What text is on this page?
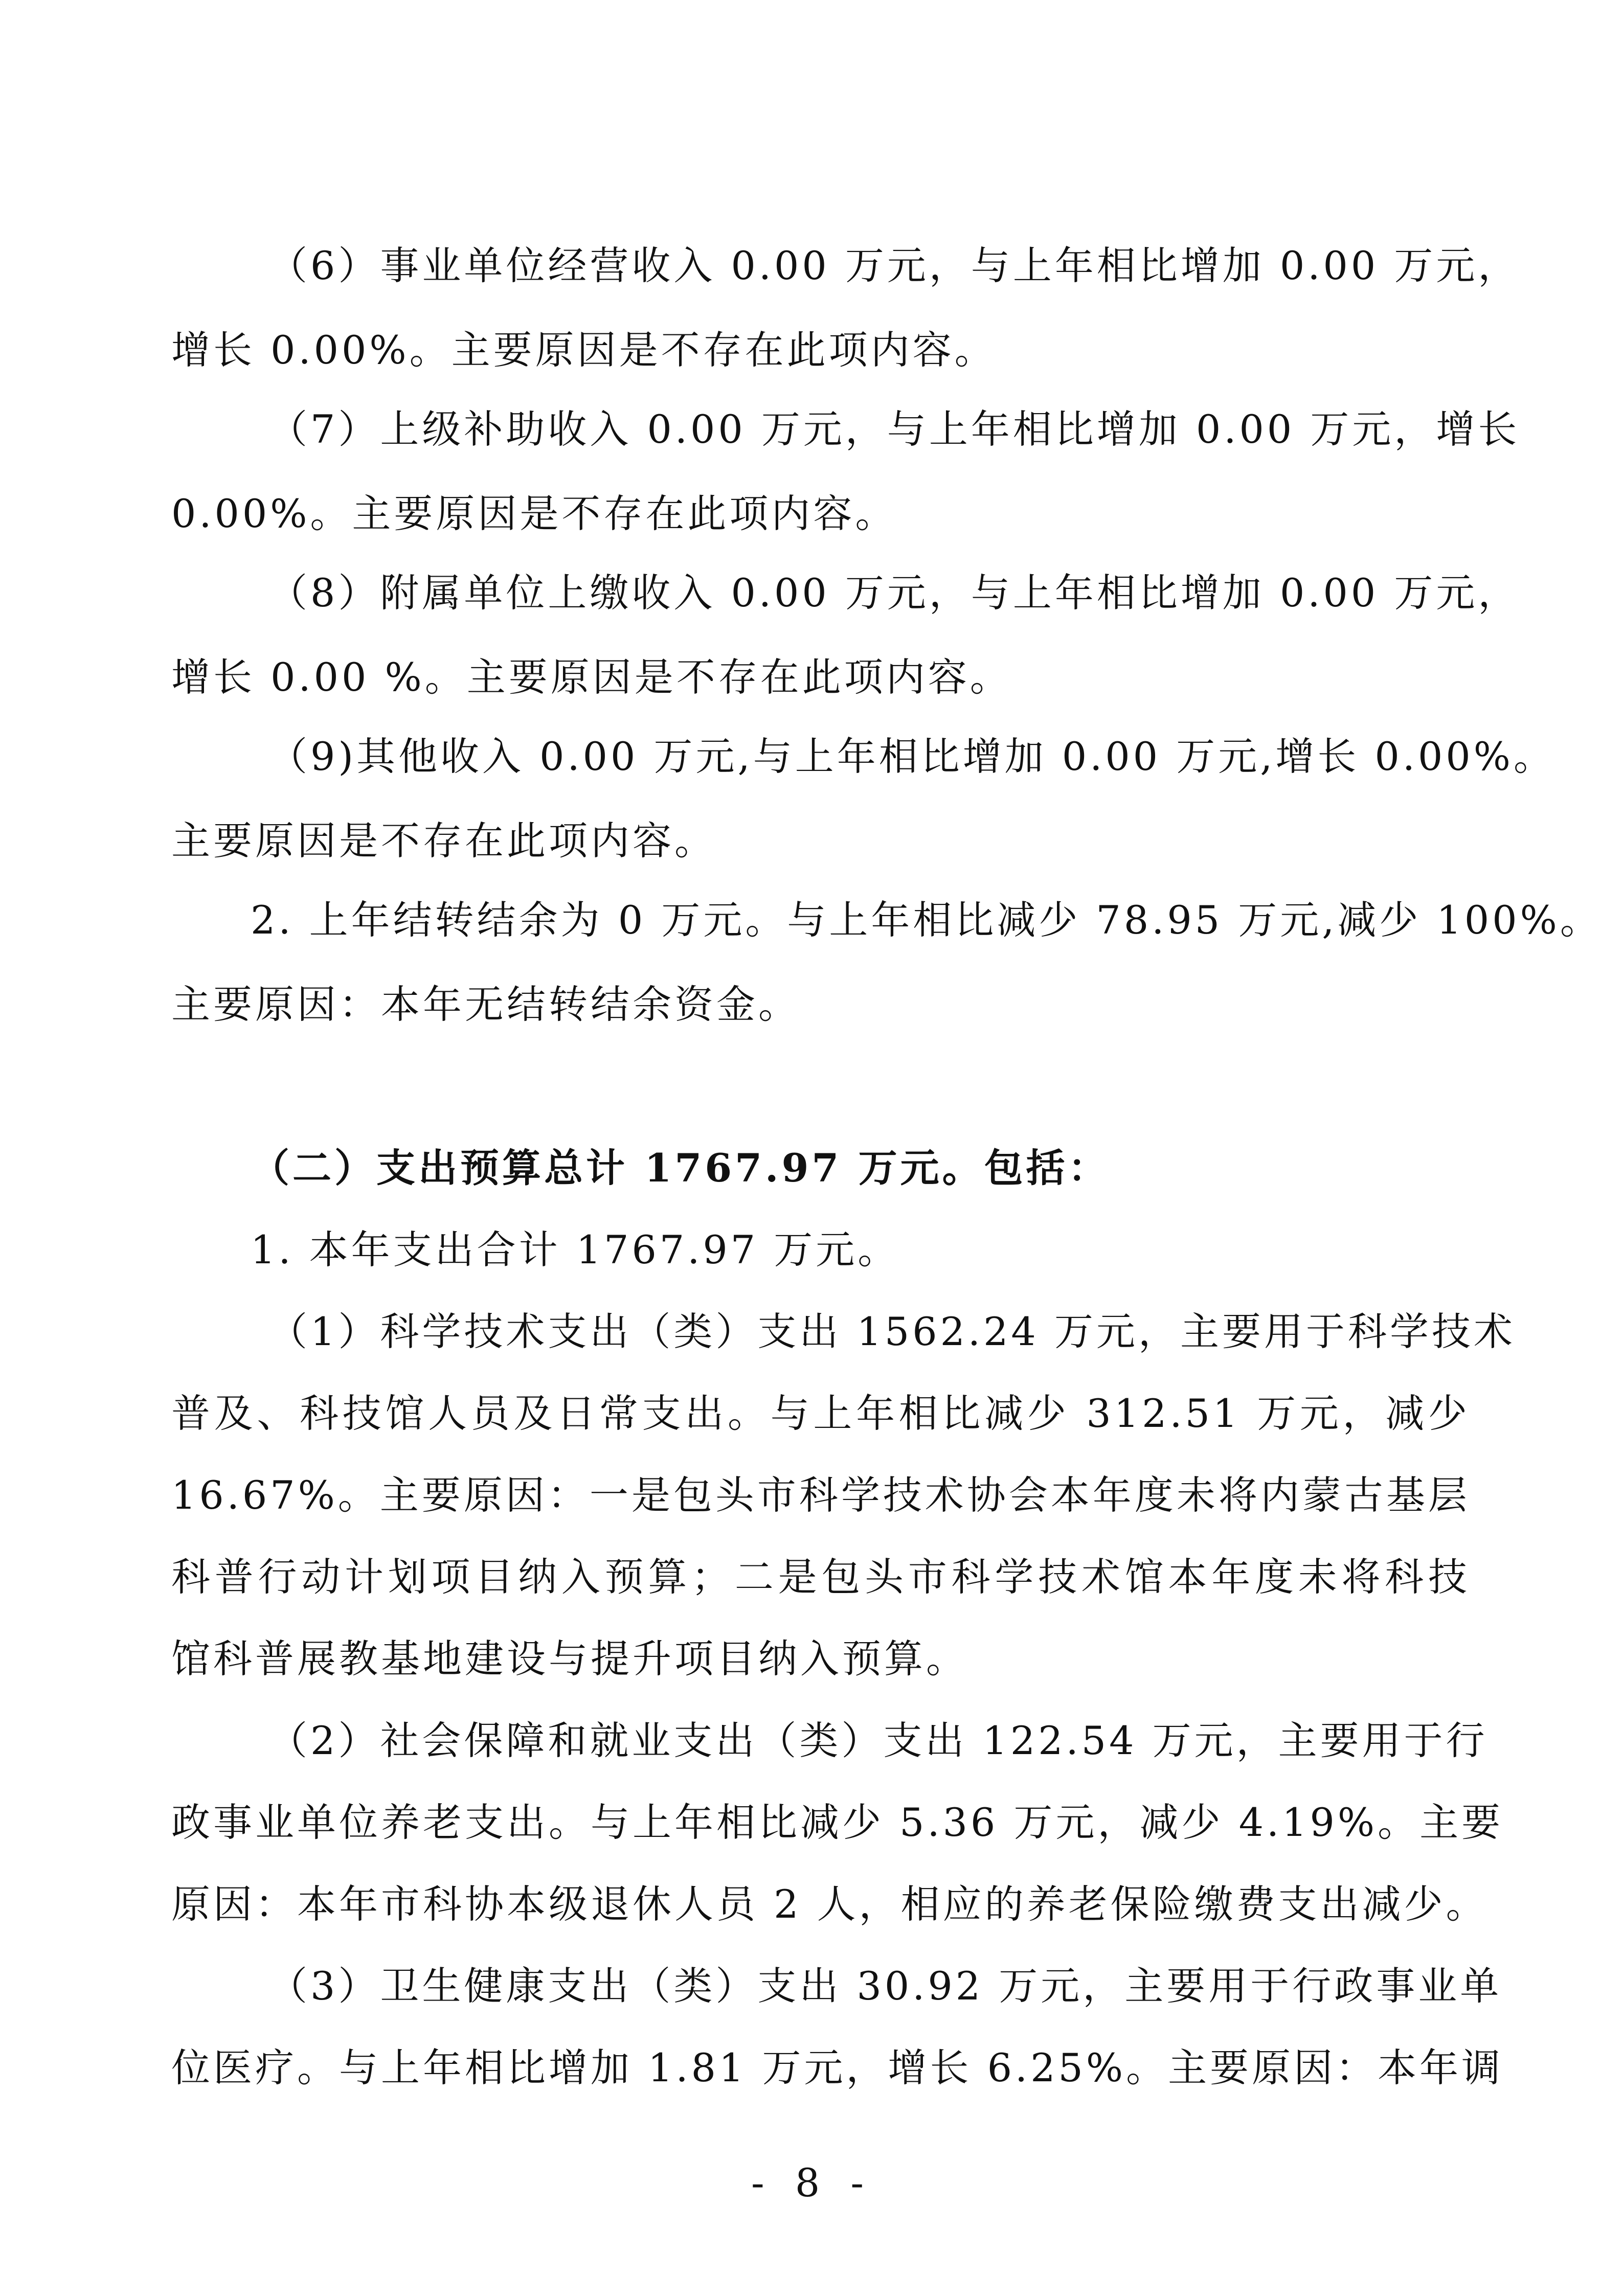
（6）事业单位经营收入 0.00 万元，与上年相比增加 0.00 万元，
增长 0.00%。主要原因是不存在此项内容。
（7）上级补助收入 0.00 万元，与上年相比增加 0.00 万元，增长
0.00%。主要原因是不存在此项内容。
（8）附属单位上缴收入 0.00 万元，与上年相比增加 0.00 万元，
增长 0.00 %。主要原因是不存在此项内容。
（9)其他收入 0.00 万元,与上年相比增加 0.00 万元,增长 0.00%。
主要原因是不存在此项内容。
2. 上年结转结余为 0 万元。与上年相比减少 78.95 万元,减少 100%。
主要原因：本年无结转结余资金。
（二）支出预算总计 1767.97 万元。包括：
1. 本年支出合计 1767.97 万元。
（1）科学技术支出（类）支出 1562.24 万元，主要用于科学技术
普及、科技馆人员及日常支出。与上年相比减少 312.51 万元，减少
16.67%。主要原因：一是包头市科学技术协会本年度未将内蒙古基层
科普行动计划项目纳入预算；二是包头市科学技术馆本年度未将科技
馆科普展教基地建设与提升项目纳入预算。
（2）社会保障和就业支出（类）支出 122.54 万元，主要用于行
政事业单位养老支出。与上年相比减少 5.36 万元，减少 4.19%。主要
原因：本年市科协本级退休人员 2 人，相应的养老保险缴费支出减少。
（3）卫生健康支出（类）支出 30.92 万元，主要用于行政事业单
位医疗。与上年相比增加 1.81 万元，增长 6.25%。主要原因：本年调
- 8 -
